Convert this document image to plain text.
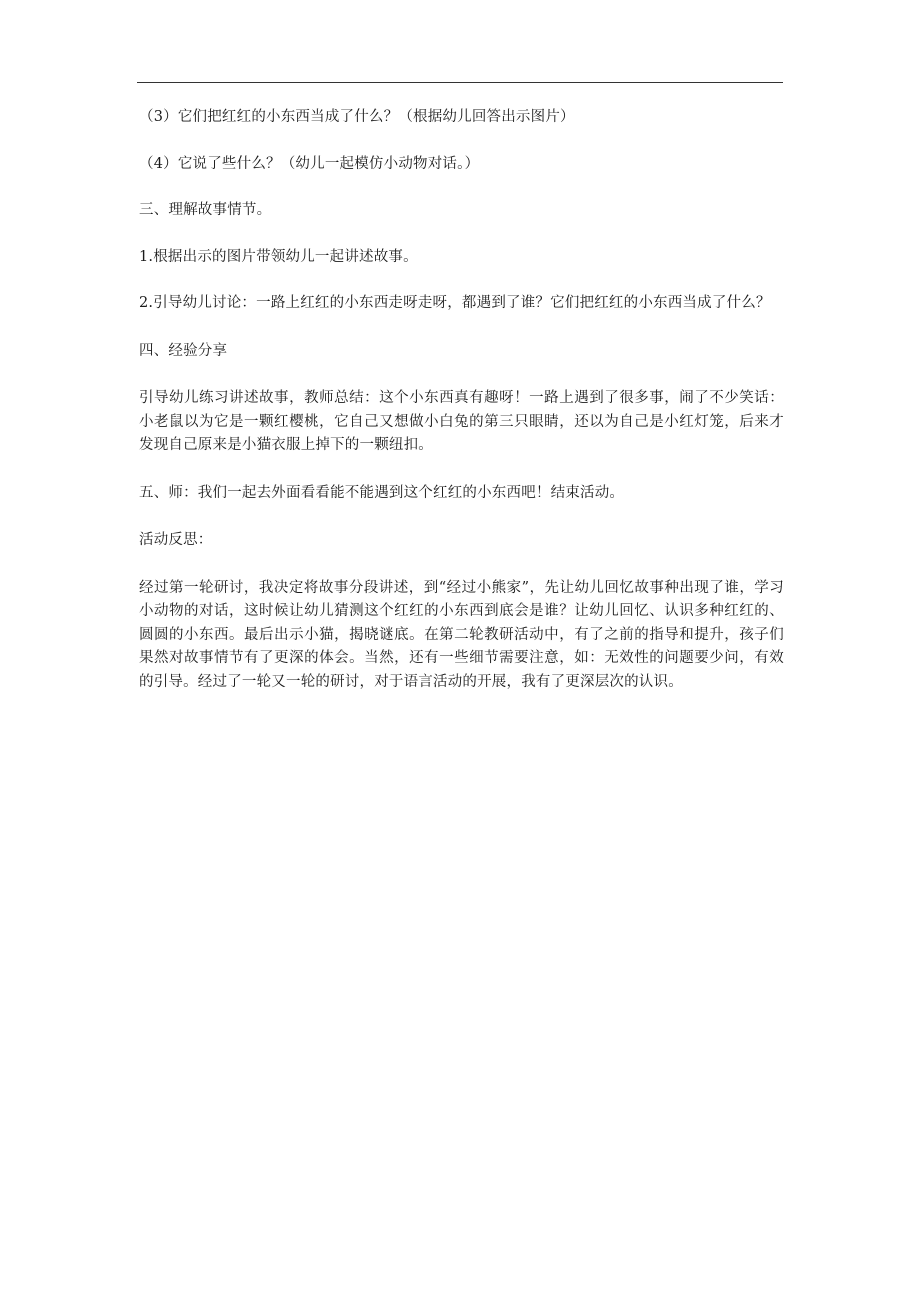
（3）它们把红红的小东西当成了什么？（根据幼儿回答出示图片）

（4）它说了些什么？（幼儿一起模仿小动物对话。）

三、理解故事情节。

1.根据出示的图片带领幼儿一起讲述故事。

2.引导幼儿讨论：一路上红红的小东西走呀走呀，都遇到了谁？它们把红红的小东西当成了什么？

四、经验分享

引导幼儿练习讲述故事，教师总结：这个小东西真有趣呀！一路上遇到了很多事，闹了不少笑话：小老鼠以为它是一颗红樱桃，它自己又想做小白兔的第三只眼睛，还以为自己是小红灯笼，后来才发现自己原来是小猫衣服上掉下的一颗纽扣。

五、师：我们一起去外面看看能不能遇到这个红红的小东西吧！结束活动。

活动反思：

经过第一轮研讨，我决定将故事分段讲述，到“经过小熊家”，先让幼儿回忆故事种出现了谁，学习小动物的对话，这时候让幼儿猜测这个红红的小东西到底会是谁？让幼儿回忆、认识多种红红的、圆圆的小东西。最后出示小猫，揭晓谜底。在第二轮教研活动中，有了之前的指导和提升，孩子们果然对故事情节有了更深的体会。当然，还有一些细节需要注意，如：无效性的问题要少问，有效的引导。经过了一轮又一轮的研讨，对于语言活动的开展，我有了更深层次的认识。
